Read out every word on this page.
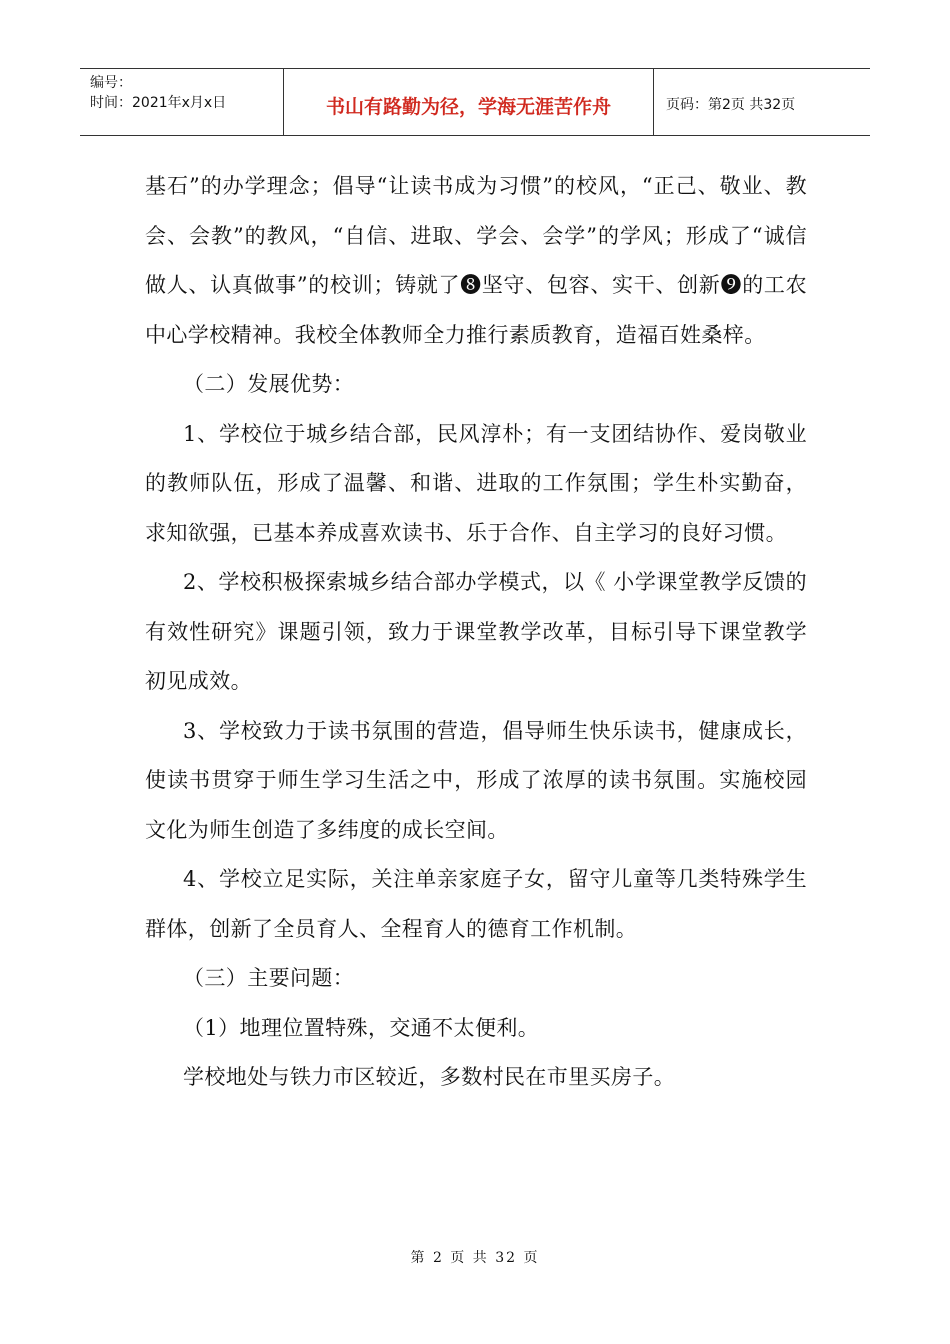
编号：
时间：2021年x月x日	书山有路勤为径，学海无涯苦作舟	页码：第2页 共32页

基石”的办学理念；倡导“让读书成为习惯”的校风，“正己、敬业、教会、会教”的教风，“自信、进取、学会、会学”的学风；形成了“诚信做人、认真做事”的校训；铸就了❽坚守、包容、实干、创新❾的工农中心学校精神。我校全体教师全力推行素质教育，造福百姓桑梓。

（二）发展优势：

1、学校位于城乡结合部，民风淳朴；有一支团结协作、爱岗敬业的教师队伍，形成了温馨、和谐、进取的工作氛围；学生朴实勤奋，求知欲强，已基本养成喜欢读书、乐于合作、自主学习的良好习惯。

2、学校积极探索城乡结合部办学模式，以《 小学课堂教学反馈的有效性研究》课题引领，致力于课堂教学改革，目标引导下课堂教学初见成效。

3、学校致力于读书氛围的营造，倡导师生快乐读书，健康成长，使读书贯穿于师生学习生活之中，形成了浓厚的读书氛围。实施校园文化为师生创造了多纬度的成长空间。

4、学校立足实际，关注单亲家庭子女，留守儿童等几类特殊学生群体，创新了全员育人、全程育人的德育工作机制。

（三）主要问题：

（1）地理位置特殊，交通不太便利。

学校地处与铁力市区较近，多数村民在市里买房子。

第 2 页 共 32 页
